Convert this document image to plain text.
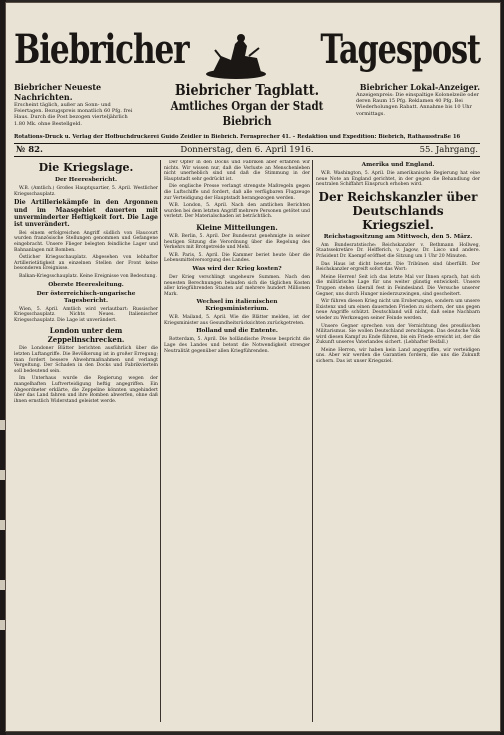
Biebricher	Tagespost
Biebricher Neueste Nachrichten.
Erscheint täglich, außer an Sonn- und Feiertagen. Bezugspreis monatlich 60 Pfg. frei Haus. Durch die Post bezogen vierteljährlich 1.80 Mk. ohne Bestellgeld.
Biebricher Tagblatt.
Amtliches Organ der Stadt Biebrich
Biebricher Lokal-Anzeiger.
Anzeigenpreis: Die einspaltige Kolonelzeile oder deren Raum 15 Pfg. Reklamen 40 Pfg. Bei Wiederholungen Rabatt. Annahme bis 10 Uhr vormittags.
Rotations-Druck u. Verlag der Hofbuchdruckerei Guido Zeidler in Biebrich. Fernsprecher 41. – Redaktion und Expedition: Biebrich, Rathausstraße 16
№ 82.	Donnerstag, den 6. April 1916.	55. Jahrgang.
Die Kriegslage.
Der Heeresbericht.

W.B. (Amtlich.) Großes Hauptquartier, 5. April. Westlicher Kriegsschauplatz.

Die Artilleriekämpfe in den Argonnen und im Maasgebiet dauerten mit unverminderter Heftigkeit fort. Die Lage ist unverändert.

Bei einem erfolgreichen Angriff südlich von Haucourt wurden französische Stellungen genommen und Gefangene eingebracht. Unsere Flieger belegten feindliche Lager und Bahnanlagen mit Bomben.

Östlicher Kriegsschauplatz. Abgesehen von lebhafter Artillerietätigkeit an einzelnen Stellen der Front keine besonderen Ereignisse.

Balkan-Kriegsschauplatz. Keine Ereignisse von Bedeutung.

Oberste Heeresleitung.
Der österreichisch-ungarische Tagesbericht.

Wien, 5. April. Amtlich wird verlautbart: Russischer Kriegsschauplatz. Nichts Neues. Italienischer Kriegsschauplatz. Die Lage ist unverändert.

London unter dem Zeppelinschrecken.

Die Londoner Blätter berichten ausführlich über die letzten Luftangriffe. Die Bevölkerung ist in großer Erregung; man fordert bessere Abwehrmaßnahmen und verlangt Vergeltung. Der Schaden in den Docks und Fabrikvierteln soll bedeutend sein.

Im Unterhaus wurde die Regierung wegen der mangelhaften Luftverteidigung heftig angegriffen. Ein Abgeordneter erklärte, die Zeppeline könnten ungehindert über das Land fahren und ihre Bomben abwerfen, ohne daß ihnen ernstlich Widerstand geleistet werde.

Der Opfer in den Docks und Fabriken aber erfahren wir nichts. Wir wissen nur, daß die Verluste an Menschenleben nicht unerheblich sind und daß die Stimmung in der Hauptstadt sehr gedrückt ist.

Die englische Presse verlangt strengste Maßregeln gegen die Luftschiffe und fordert, daß alle verfügbaren Flugzeuge zur Verteidigung der Hauptstadt herangezogen werden.

W.B. London, 5. April. Nach den amtlichen Berichten wurden bei dem letzten Angriff mehrere Personen getötet und verletzt. Der Materialschaden ist beträchtlich.

Kleine Mitteilungen.

W.B. Berlin, 5. April. Der Bundesrat genehmigte in seiner heutigen Sitzung die Verordnung über die Regelung des Verkehrs mit Brotgetreide und Mehl.

W.B. Paris, 5. April. Die Kammer beriet heute über die Lebensmittelversorgung des Landes.

Was wird der Krieg kosten?

Der Krieg verschlingt ungeheure Summen. Nach den neuesten Berechnungen belaufen sich die täglichen Kosten aller kriegführenden Staaten auf mehrere hundert Millionen Mark.

Wechsel im italienischen Kriegsministerium.

W.B. Mailand, 5. April. Wie die Blätter melden, ist der Kriegsminister aus Gesundheitsrücksichten zurückgetreten.

Holland und die Entente.

Rotterdam, 5. April. Die holländische Presse bespricht die Lage des Landes und betont die Notwendigkeit strenger Neutralität gegenüber allen Kriegführenden.

Amerika und England.

W.B. Washington, 5. April. Die amerikanische Regierung hat eine neue Note an England gerichtet, in der gegen die Behandlung der neutralen Schiffahrt Einspruch erhoben wird.

Der Reichskanzler über Deutschlands Kriegsziel.
Reichstagssitzung am Mittwoch, den 5. März.

Am Bundesratstische: Reichskanzler v. Bethmann Hollweg, Staatssekretäre Dr. Helfferich, v. Jagow, Dr. Lisco und andere. Präsident Dr. Kaempf eröffnet die Sitzung um 1 Uhr 20 Minuten.

Das Haus ist dicht besetzt. Die Tribünen sind überfüllt. Der Reichskanzler ergreift sofort das Wort:

Meine Herren! Seit ich das letzte Mal vor Ihnen sprach, hat sich die militärische Lage für uns weiter günstig entwickelt. Unsere Truppen stehen überall fest in Feindesland. Die Versuche unserer Gegner, uns durch Hunger niederzuzwingen, sind gescheitert.

Wir führen diesen Krieg nicht um Eroberungen, sondern um unsere Existenz und um einen dauernden Frieden zu sichern, der uns gegen neue Angriffe schützt. Deutschland will nicht, daß seine Nachbarn wieder zu Werkzeugen seiner Feinde werden.

Unsere Gegner sprechen von der Vernichtung des preußischen Militarismus. Sie wollen Deutschland zerschlagen. Das deutsche Volk wird diesen Kampf zu Ende führen, bis ein Friede erreicht ist, der die Zukunft unseres Vaterlandes sichert. (Lebhafter Beifall.)

Meine Herren, wir haben kein Land angegriffen, wir verteidigen uns. Aber wir werden die Garantien fordern, die uns die Zukunft sichern. Das ist unser Kriegsziel.
